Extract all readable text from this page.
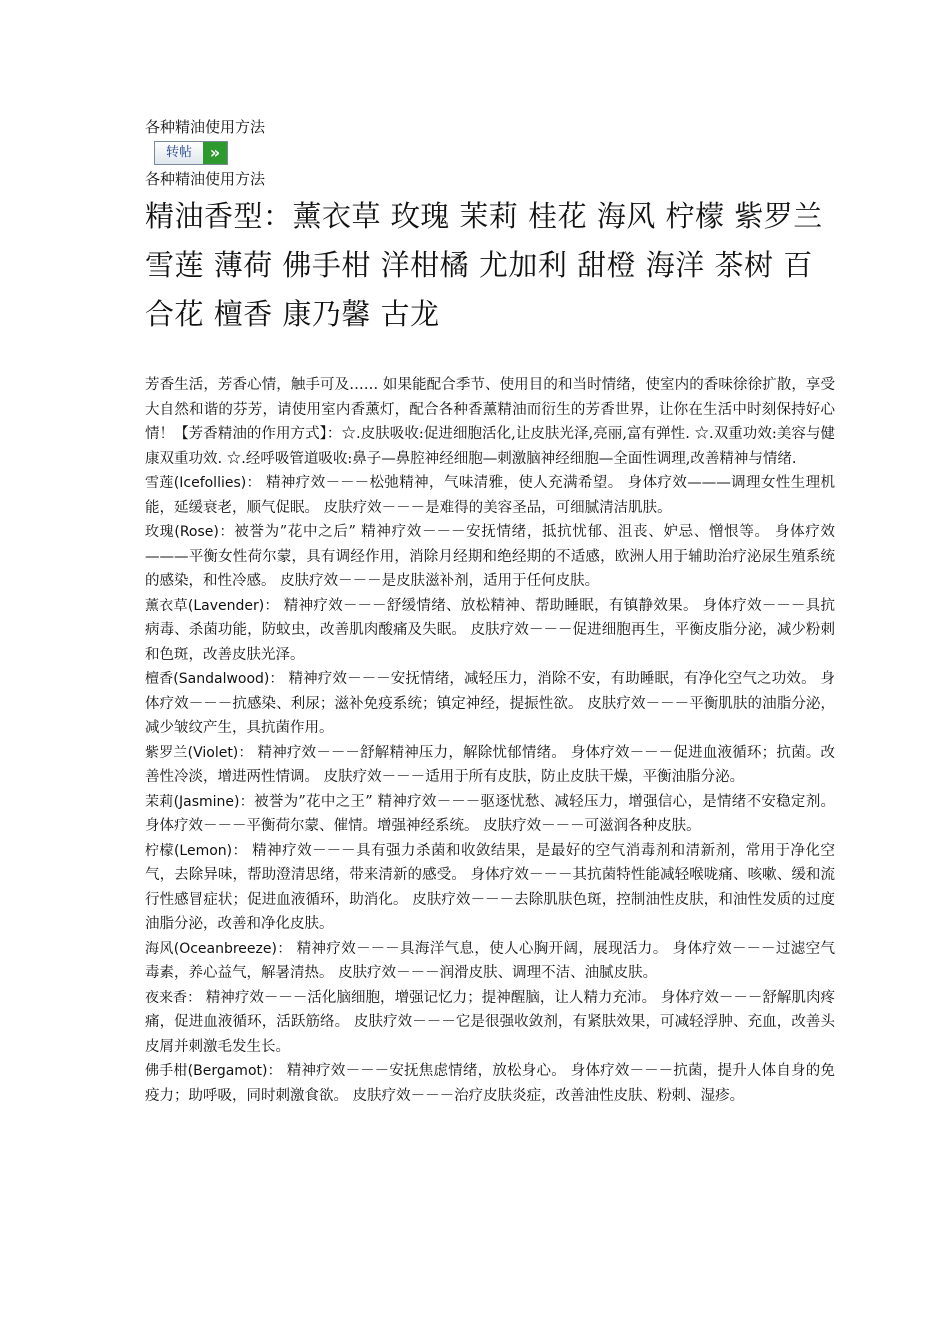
各种精油使用方法

转帖	»

各种精油使用方法

精油香型：薰衣草 玫瑰 茉莉 桂花 海风 柠檬 紫罗兰 雪莲 薄荷 佛手柑 洋柑橘 尤加利 甜橙 海洋 茶树 百合花 檀香 康乃馨 古龙

芳香生活，芳香心情，触手可及…… 如果能配合季节、使用目的和当时情绪，使室内的香味徐徐扩散，享受大自然和谐的芬芳，请使用室内香薰灯，配合各种香薰精油而衍生的芳香世界，让你在生活中时刻保持好心情！【芳香精油的作用方式】：☆.皮肤吸收:促进细胞活化,让皮肤光泽,亮丽,富有弹性. ☆.双重功效:美容与健康双重功效. ☆.经呼吸管道吸收:鼻子—鼻腔神经细胞—刺激脑神经细胞—全面性调理,改善精神与情绪.

雪莲(Icefollies)： 精神疗效－－－松弛精神，气味清雅，使人充满希望。 身体疗效———调理女性生理机能，延缓衰老，顺气促眠。 皮肤疗效－－－是难得的美容圣品，可细腻清洁肌肤。

玫瑰(Rose)：被誉为”花中之后” 精神疗效－－－安抚情绪，抵抗忧郁、沮丧、妒忌、憎恨等。 身体疗效———平衡女性荷尔蒙，具有调经作用，消除月经期和绝经期的不适感，欧洲人用于辅助治疗泌尿生殖系统的感染，和性冷感。 皮肤疗效－－－是皮肤滋补剂，适用于任何皮肤。

薰衣草(Lavender)： 精神疗效－－－舒缓情绪、放松精神、帮助睡眠，有镇静效果。 身体疗效－－－具抗病毒、杀菌功能，防蚊虫，改善肌肉酸痛及失眠。 皮肤疗效－－－促进细胞再生，平衡皮脂分泌，减少粉刺和色斑，改善皮肤光泽。

檀香(Sandalwood)： 精神疗效－－－安抚情绪，减轻压力，消除不安，有助睡眠，有净化空气之功效。 身体疗效－－－抗感染、利尿；滋补免疫系统；镇定神经，提振性欲。 皮肤疗效－－－平衡肌肤的油脂分泌，减少皱纹产生，具抗菌作用。

紫罗兰(Violet)： 精神疗效－－－舒解精神压力，解除忧郁情绪。 身体疗效－－－促进血液循环；抗菌。改善性冷淡，增进两性情调。 皮肤疗效－－－适用于所有皮肤，防止皮肤干燥，平衡油脂分泌。

茉莉(Jasmine)：被誉为”花中之王” 精神疗效－－－驱逐忧愁、减轻压力，增强信心，是情绪不安稳定剂。 身体疗效－－－平衡荷尔蒙、催情。增强神经系统。 皮肤疗效－－－可滋润各种皮肤。

柠檬(Lemon)： 精神疗效－－－具有强力杀菌和收敛结果，是最好的空气消毒剂和清新剂，常用于净化空气，去除异味，帮助澄清思绪，带来清新的感受。 身体疗效－－－其抗菌特性能减轻喉咙痛、咳嗽、缓和流行性感冒症状；促进血液循环，助消化。 皮肤疗效－－－去除肌肤色斑，控制油性皮肤，和油性发质的过度油脂分泌，改善和净化皮肤。

海风(Oceanbreeze)： 精神疗效－－－具海洋气息，使人心胸开阔，展现活力。 身体疗效－－－过滤空气毒素，养心益气，解暑清热。 皮肤疗效－－－润滑皮肤、调理不洁、油腻皮肤。

夜来香： 精神疗效－－－活化脑细胞，增强记忆力；提神醒脑，让人精力充沛。 身体疗效－－－舒解肌肉疼痛，促进血液循环，活跃筋络。 皮肤疗效－－－它是很强收敛剂，有紧肤效果，可减轻浮肿、充血，改善头皮屑并刺激毛发生长。

佛手柑(Bergamot)： 精神疗效－－－安抚焦虑情绪，放松身心。 身体疗效－－－抗菌，提升人体自身的免疫力；助呼吸，同时刺激食欲。 皮肤疗效－－－治疗皮肤炎症，改善油性皮肤、粉刺、湿疹。
